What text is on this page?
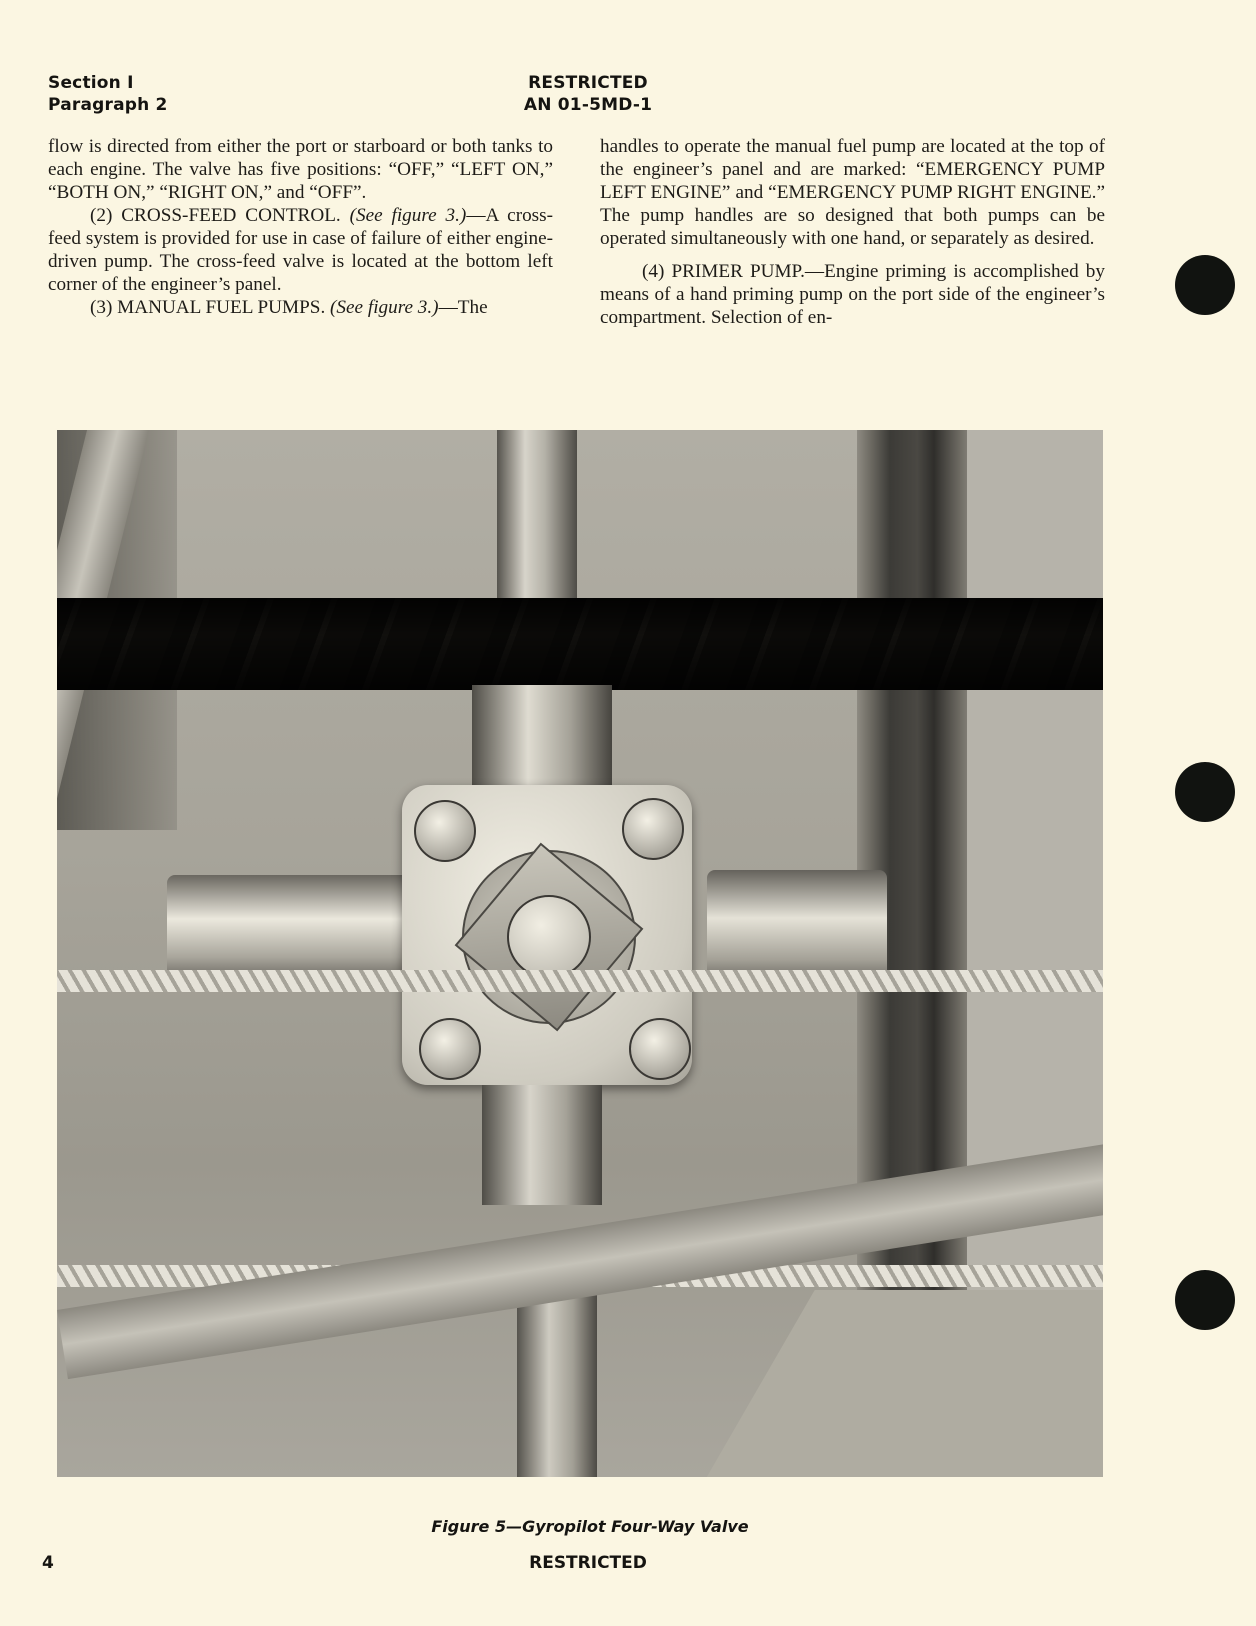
Section I
Paragraph 2
RESTRICTED
AN 01-5MD-1

flow is directed from either the port or starboard or both tanks to each engine. The valve has five positions: “OFF,” “LEFT ON,” “BOTH ON,” “RIGHT ON,” and “OFF”.

(2) CROSS-FEED CONTROL. (See figure 3.)—A cross-feed system is provided for use in case of failure of either engine-driven pump. The cross-feed valve is located at the bottom left corner of the engineer’s panel.

(3) MANUAL FUEL PUMPS. (See figure 3.)—The

handles to operate the manual fuel pump are located at the top of the engineer’s panel and are marked: “EMERGENCY PUMP LEFT ENGINE” and “EMERGENCY PUMP RIGHT ENGINE.” The pump handles are so designed that both pumps can be operated simultaneously with one hand, or separately as desired.

(4) PRIMER PUMP.—Engine priming is accomplished by means of a hand priming pump on the port side of the engineer’s compartment. Selection of en-

Figure 5—Gyropilot Four-Way Valve
4	RESTRICTED
